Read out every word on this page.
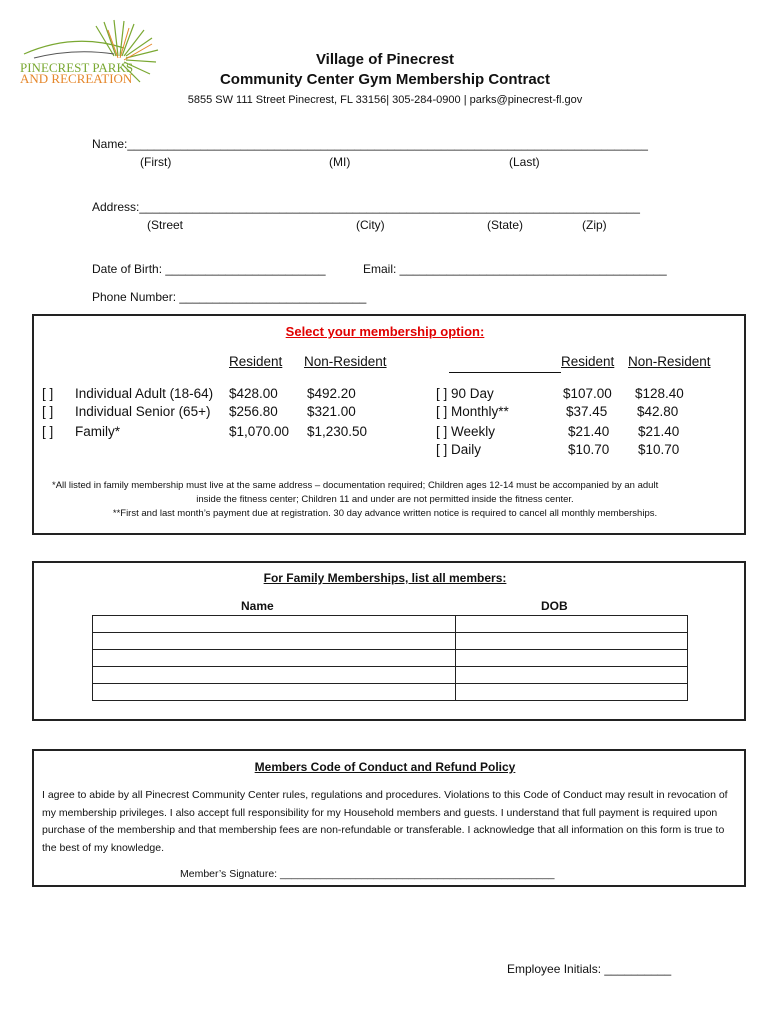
PINECREST PARKS
AND RECREATION
Village of Pinecrest
Community Center Gym Membership Contract
5855 SW 111 Street Pinecrest, FL 33156| 305-284-0900 | parks@pinecrest-fl.gov
Name:______________________________________________________________________________
(First)	(MI)	(Last)
Address:___________________________________________________________________________
(Street	(City)	(State)	(Zip)
Date of Birth: ________________________	Email: ________________________________________
Phone Number: ____________________________
Select your membership option:
Resident Non-Resident	Resident	Non-Resident
[ ] Individual Adult (18-64) $428.00 $492.20
[ ] Individual Senior (65+) $256.80 $321.00
[ ] Family*	$1,070.00 $1,230.50
[ ] 90 Day	$107.00 $128.40
[ ] Monthly**	$37.45 $42.80
[ ] Weekly	$21.40 $21.40
[ ] Daily	$10.70 $10.70
*All listed in family membership must live at the same address – documentation required; Children ages 12-14 must be accompanied by an adult
inside the fitness center; Children 11 and under are not permitted inside the fitness center.
**First and last month’s payment due at registration. 30 day advance written notice is required to cancel all monthly memberships.
For Family Memberships, list all members:
Name	DOB

Members Code of Conduct and Refund Policy
I agree to abide by all Pinecrest Community Center rules, regulations and procedures. Violations to this Code of Conduct may result in revocation of my membership privileges. I also accept full responsibility for my Household members and guests. I understand that full payment is required upon purchase of the membership and that membership fees are non-refundable or transferable. I acknowledge that all information on this form is true to the best of my knowledge.
Member’s Signature: _______________________________________________
Employee Initials: __________
